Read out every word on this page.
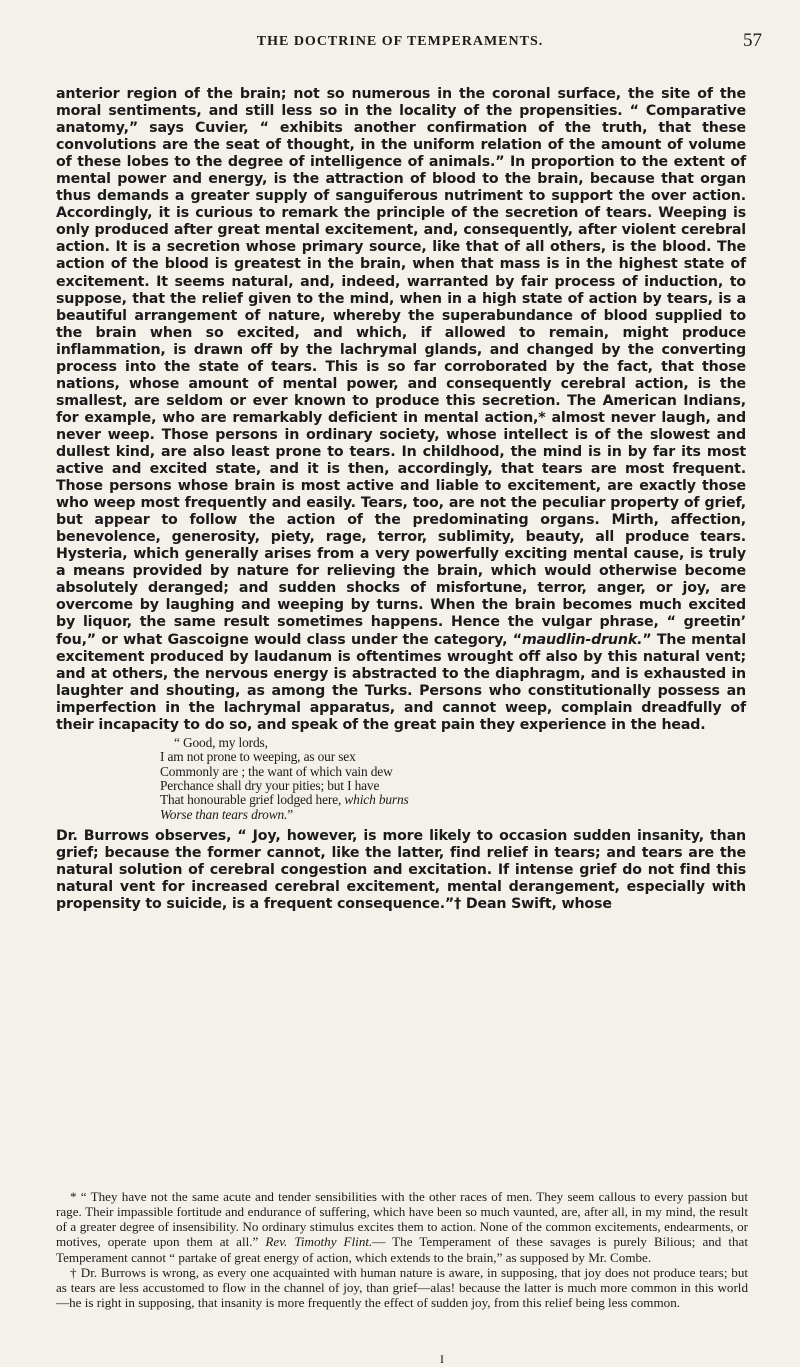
THE DOCTRINE OF TEMPERAMENTS.	57

anterior region of the brain; not so numerous in the coronal surface, the site of the moral sentiments, and still less so in the locality of the propensities. “ Comparative anatomy,” says Cuvier, “ exhibits another confirmation of the truth, that these convolutions are the seat of thought, in the uniform relation of the amount of volume of these lobes to the degree of intelligence of animals.” In proportion to the extent of mental power and energy, is the attraction of blood to the brain, because that organ thus demands a greater supply of sanguiferous nutriment to support the over action. Accordingly, it is curious to remark the principle of the secretion of tears. Weeping is only produced after great mental excitement, and, consequently, after violent cerebral action. It is a secretion whose primary source, like that of all others, is the blood. The action of the blood is greatest in the brain, when that mass is in the highest state of excitement. It seems natural, and, indeed, warranted by fair process of induction, to suppose, that the relief given to the mind, when in a high state of action by tears, is a beautiful arrangement of nature, whereby the superabundance of blood supplied to the brain when so excited, and which, if allowed to remain, might produce inflammation, is drawn off by the lachrymal glands, and changed by the converting process into the state of tears. This is so far corroborated by the fact, that those nations, whose amount of mental power, and consequently cerebral action, is the smallest, are seldom or ever known to produce this secretion. The American Indians, for example, who are remarkably deficient in mental action,* almost never laugh, and never weep. Those persons in ordinary society, whose intellect is of the slowest and dullest kind, are also least prone to tears. In childhood, the mind is in by far its most active and excited state, and it is then, accordingly, that tears are most frequent. Those persons whose brain is most active and liable to excitement, are exactly those who weep most frequently and easily. Tears, too, are not the peculiar property of grief, but appear to follow the action of the predominating organs. Mirth, affection, benevolence, generosity, piety, rage, terror, sublimity, beauty, all produce tears. Hysteria, which generally arises from a very powerfully exciting mental cause, is truly a means provided by nature for relieving the brain, which would otherwise become absolutely deranged; and sudden shocks of misfortune, terror, anger, or joy, are overcome by laughing and weeping by turns. When the brain becomes much excited by liquor, the same result sometimes happens. Hence the vulgar phrase, “ greetin’ fou,” or what Gascoigne would class under the category, “maudlin-drunk.” The mental excitement produced by laudanum is oftentimes wrought off also by this natural vent; and at others, the nervous energy is abstracted to the diaphragm, and is exhausted in laughter and shouting, as among the Turks. Persons who constitutionally possess an imperfection in the lachrymal apparatus, and cannot weep, complain dreadfully of their incapacity to do so, and speak of the great pain they experience in the head.

“ Good, my lords,
I am not prone to weeping, as our sex
Commonly are ; the want of which vain dew
Perchance shall dry your pities; but I have
That honourable grief lodged here, which burns
Worse than tears drown.”

Dr. Burrows observes, “ Joy, however, is more likely to occasion sudden insanity, than grief; because the former cannot, like the latter, find relief in tears; and tears are the natural solution of cerebral congestion and excitation. If intense grief do not find this natural vent for increased cerebral excitement, mental derangement, especially with propensity to suicide, is a frequent consequence.”† Dean Swift, whose

* “ They have not the same acute and tender sensibilities with the other races of men. They seem callous to every passion but rage. Their impassible fortitude and endurance of suffering, which have been so much vaunted, are, after all, in my mind, the result of a greater degree of insensibility. No ordinary stimulus excites them to action. None of the common excitements, endearments, or motives, operate upon them at all.” Rev. Timothy Flint.— The Temperament of these savages is purely Bilious; and that Temperament cannot “ partake of great energy of action, which extends to the brain,” as supposed by Mr. Combe.

† Dr. Burrows is wrong, as every one acquainted with human nature is aware, in supposing, that joy does not produce tears; but as tears are less accustomed to flow in the channel of joy, than grief—alas! because the latter is much more common in this world—he is right in supposing, that insanity is more frequently the effect of sudden joy, from this relief being less common.

I
